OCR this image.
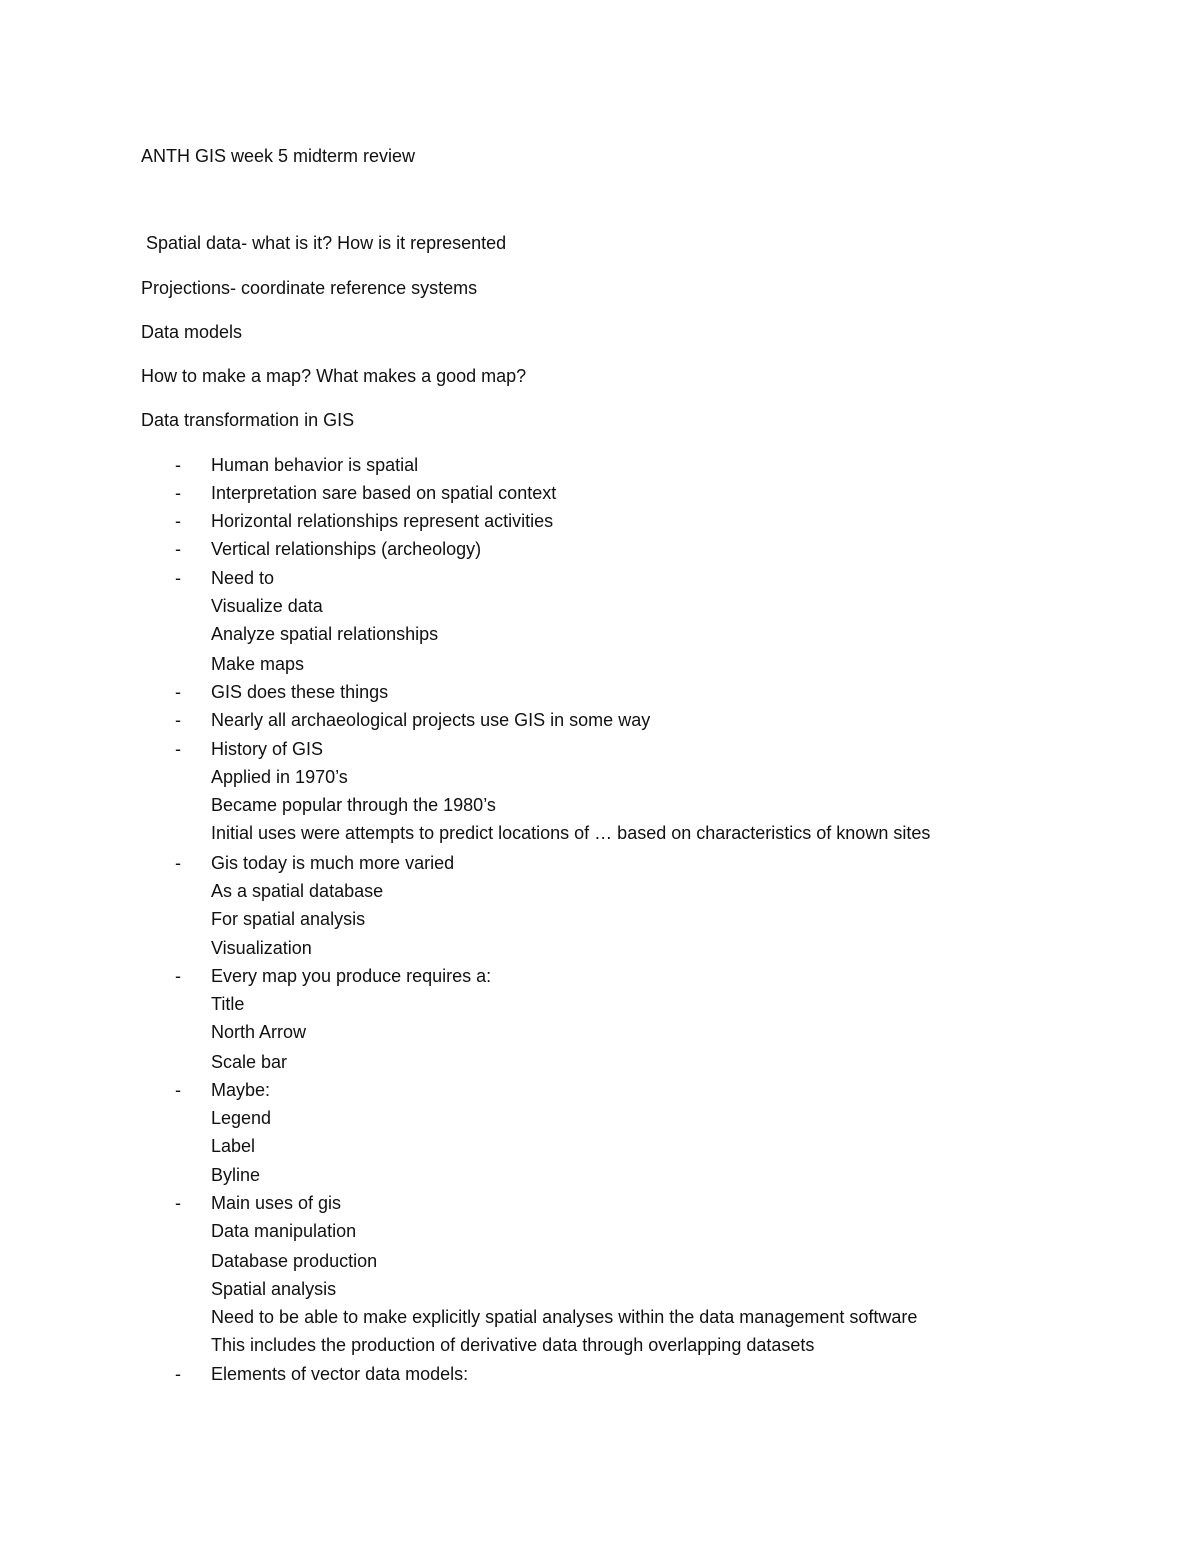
ANTH GIS week 5 midterm review
Spatial data- what is it? How is it represented
Projections- coordinate reference systems
Data models
How to make a map? What makes a good map?
Data transformation in GIS
-
-
-
-
-
-
-
-
-
-
-
-
-
Human behavior is spatial
Interpretation sare based on spatial context
Horizontal relationships represent activities
Vertical relationships (archeology)
Need to
Visualize data
Analyze spatial relationships
Make maps
GIS does these things
Nearly all archaeological projects use GIS in some way
History of GIS
Applied in 1970’s
Became popular through the 1980’s
Initial uses were attempts to predict locations of … based on characteristics of known sites
Gis today is much more varied
As a spatial database
For spatial analysis
Visualization
Every map you produce requires a:
Title
North Arrow
Scale bar
Maybe:
Legend
Label
Byline
Main uses of gis
Data manipulation
Database production
Spatial analysis
Need to be able to make explicitly spatial analyses within the data management software
This includes the production of derivative data through overlapping datasets
Elements of vector data models:
